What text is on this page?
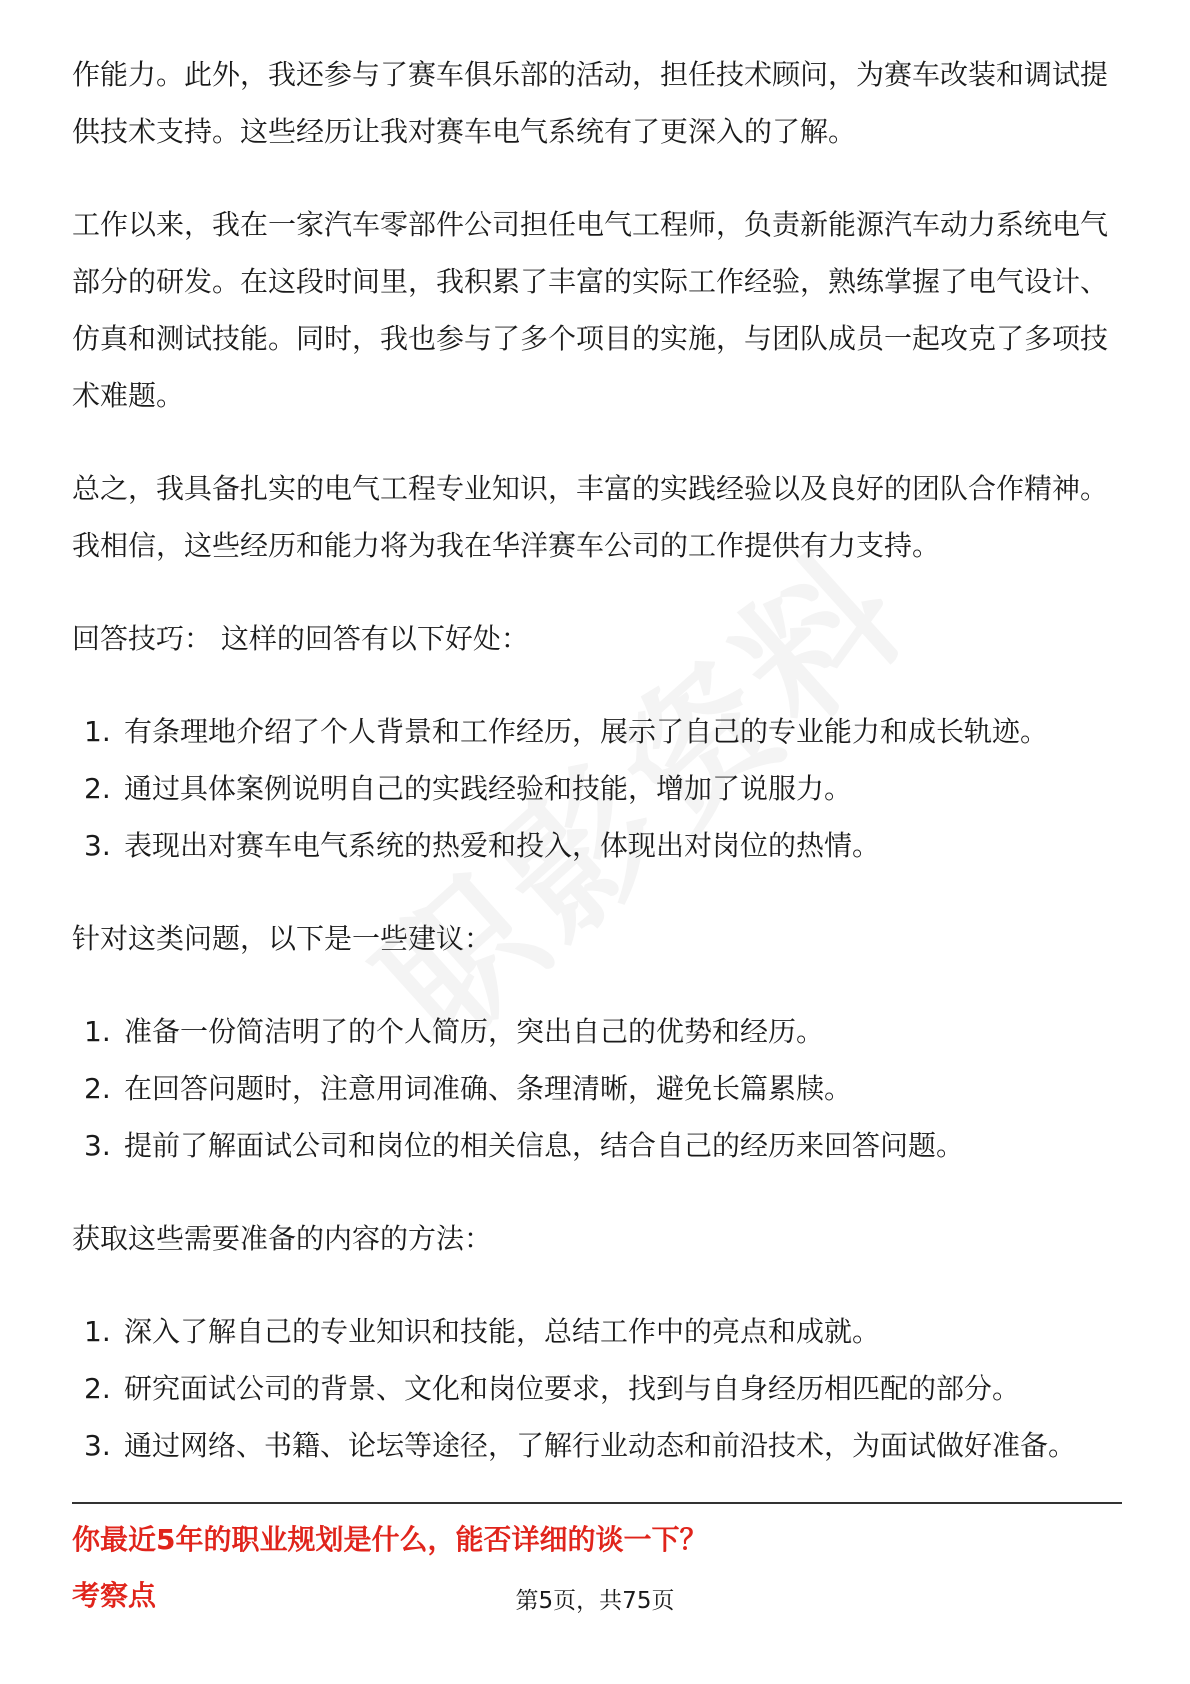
作能力。此外，我还参与了赛车俱乐部的活动，担任技术顾问，为赛车改装和调试提供技术支持。这些经历让我对赛车电气系统有了更深入的了解。

工作以来，我在一家汽车零部件公司担任电气工程师，负责新能源汽车动力系统电气部分的研发。在这段时间里，我积累了丰富的实际工作经验，熟练掌握了电气设计、仿真和测试技能。同时，我也参与了多个项目的实施，与团队成员一起攻克了多项技术难题。

总之，我具备扎实的电气工程专业知识，丰富的实践经验以及良好的团队合作精神。我相信，这些经历和能力将为我在华洋赛车公司的工作提供有力支持。

回答技巧： 这样的回答有以下好处：

1. 有条理地介绍了个人背景和工作经历，展示了自己的专业能力和成长轨迹。
2. 通过具体案例说明自己的实践经验和技能，增加了说服力。
3. 表现出对赛车电气系统的热爱和投入，体现出对岗位的热情。

针对这类问题，以下是一些建议：

1. 准备一份简洁明了的个人简历，突出自己的优势和经历。
2. 在回答问题时，注意用词准确、条理清晰，避免长篇累牍。
3. 提前了解面试公司和岗位的相关信息，结合自己的经历来回答问题。

获取这些需要准备的内容的方法：

1. 深入了解自己的专业知识和技能，总结工作中的亮点和成就。
2. 研究面试公司的背景、文化和岗位要求，找到与自身经历相匹配的部分。
3. 通过网络、书籍、论坛等途径，了解行业动态和前沿技术，为面试做好准备。
你最近5年的职业规划是什么，能否详细的谈一下？
考察点	第5页，共75页
